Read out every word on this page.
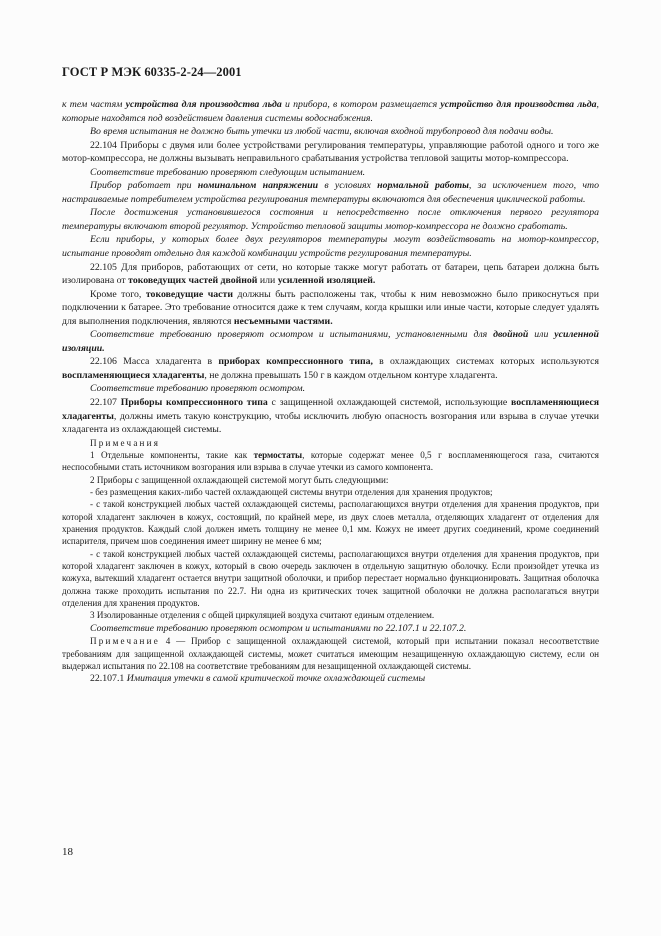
ГОСТ Р МЭК 60335-2-24—2001

к тем частям устройства для производства льда и прибора, в котором размещается устройство для производства льда, которые находятся под воздействием давления системы водоснабжения.

Во время испытания не должно быть утечки из любой части, включая входной трубопровод для подачи воды.

22.104 Приборы с двумя или более устройствами регулирования температуры, управляющие работой одного и того же мотор-компрессора, не должны вызывать неправильного срабатывания устройства тепловой защиты мотор-компрессора.

Соответствие требованию проверяют следующим испытанием.

Прибор работает при номинальном напряжении в условиях нормальной работы, за исключением того, что настраиваемые потребителем устройства регулирования температуры включаются для обеспечения циклической работы.

После достижения установившегося состояния и непосредственно после отключения первого регулятора температуры включают второй регулятор. Устройство тепловой защиты мотор-компрессора не должно сработать.

Если приборы, у которых более двух регуляторов температуры могут воздействовать на мотор-компрессор, испытание проводят отдельно для каждой комбинации устройств регулирования температуры.

22.105 Для приборов, работающих от сети, но которые также могут работать от батареи, цепь батареи должна быть изолирована от токоведущих частей двойной или усиленной изоляцией.

Кроме того, токоведущие части должны быть расположены так, чтобы к ним невозможно было прикоснуться при подключении к батарее. Это требование относится даже к тем случаям, когда крышки или иные части, которые следует удалять для выполнения подключения, являются несъемными частями.

Соответствие требованию проверяют осмотром и испытаниями, установленными для двойной или усиленной изоляции.

22.106 Масса хладагента в приборах компрессионного типа, в охлаждающих системах которых используются воспламеняющиеся хладагенты, не должна превышать 150 г в каждом отдельном контуре хладагента.

Соответствие требованию проверяют осмотром.

22.107 Приборы компрессионного типа с защищенной охлаждающей системой, использующие воспламеняющиеся хладагенты, должны иметь такую конструкцию, чтобы исключить любую опасность возгорания или взрыва в случае утечки хладагента из охлаждающей системы.

Примечания

1 Отдельные компоненты, такие как термостаты, которые содержат менее 0,5 г воспламеняющегося газа, считаются неспособными стать источником возгорания или взрыва в случае утечки из самого компонента.

2 Приборы с защищенной охлаждающей системой могут быть следующими:

- без размещения каких-либо частей охлаждающей системы внутри отделения для хранения продуктов;

- с такой конструкцией любых частей охлаждающей системы, располагающихся внутри отделения для хранения продуктов, при которой хладагент заключен в кожух, состоящий, по крайней мере, из двух слоев металла, отделяющих хладагент от отделения для хранения продуктов. Каждый слой должен иметь толщину не менее 0,1 мм. Кожух не имеет других соединений, кроме соединений испарителя, причем шов соединения имеет ширину не менее 6 мм;

- с такой конструкцией любых частей охлаждающей системы, располагающихся внутри отделения для хранения продуктов, при которой хладагент заключен в кожух, который в свою очередь заключен в отдельную защитную оболочку. Если произойдет утечка из кожуха, вытекший хладагент остается внутри защитной оболочки, и прибор перестает нормально функционировать. Защитная оболочка должна также проходить испытания по 22.7. Ни одна из критических точек защитной оболочки не должна располагаться внутри отделения для хранения продуктов.

3 Изолированные отделения с общей циркуляцией воздуха считают единым отделением.

Соответствие требованию проверяют осмотром и испытаниями по 22.107.1 и 22.107.2.

Примечание 4 — Прибор с защищенной охлаждающей системой, который при испытании показал несоответствие требованиям для защищенной охлаждающей системы, может считаться имеющим незащищенную охлаждающую систему, если он выдержал испытания по 22.108 на соответствие требованиям для незащищенной охлаждающей системы.

22.107.1 Имитация утечки в самой критической точке охлаждающей системы

18
